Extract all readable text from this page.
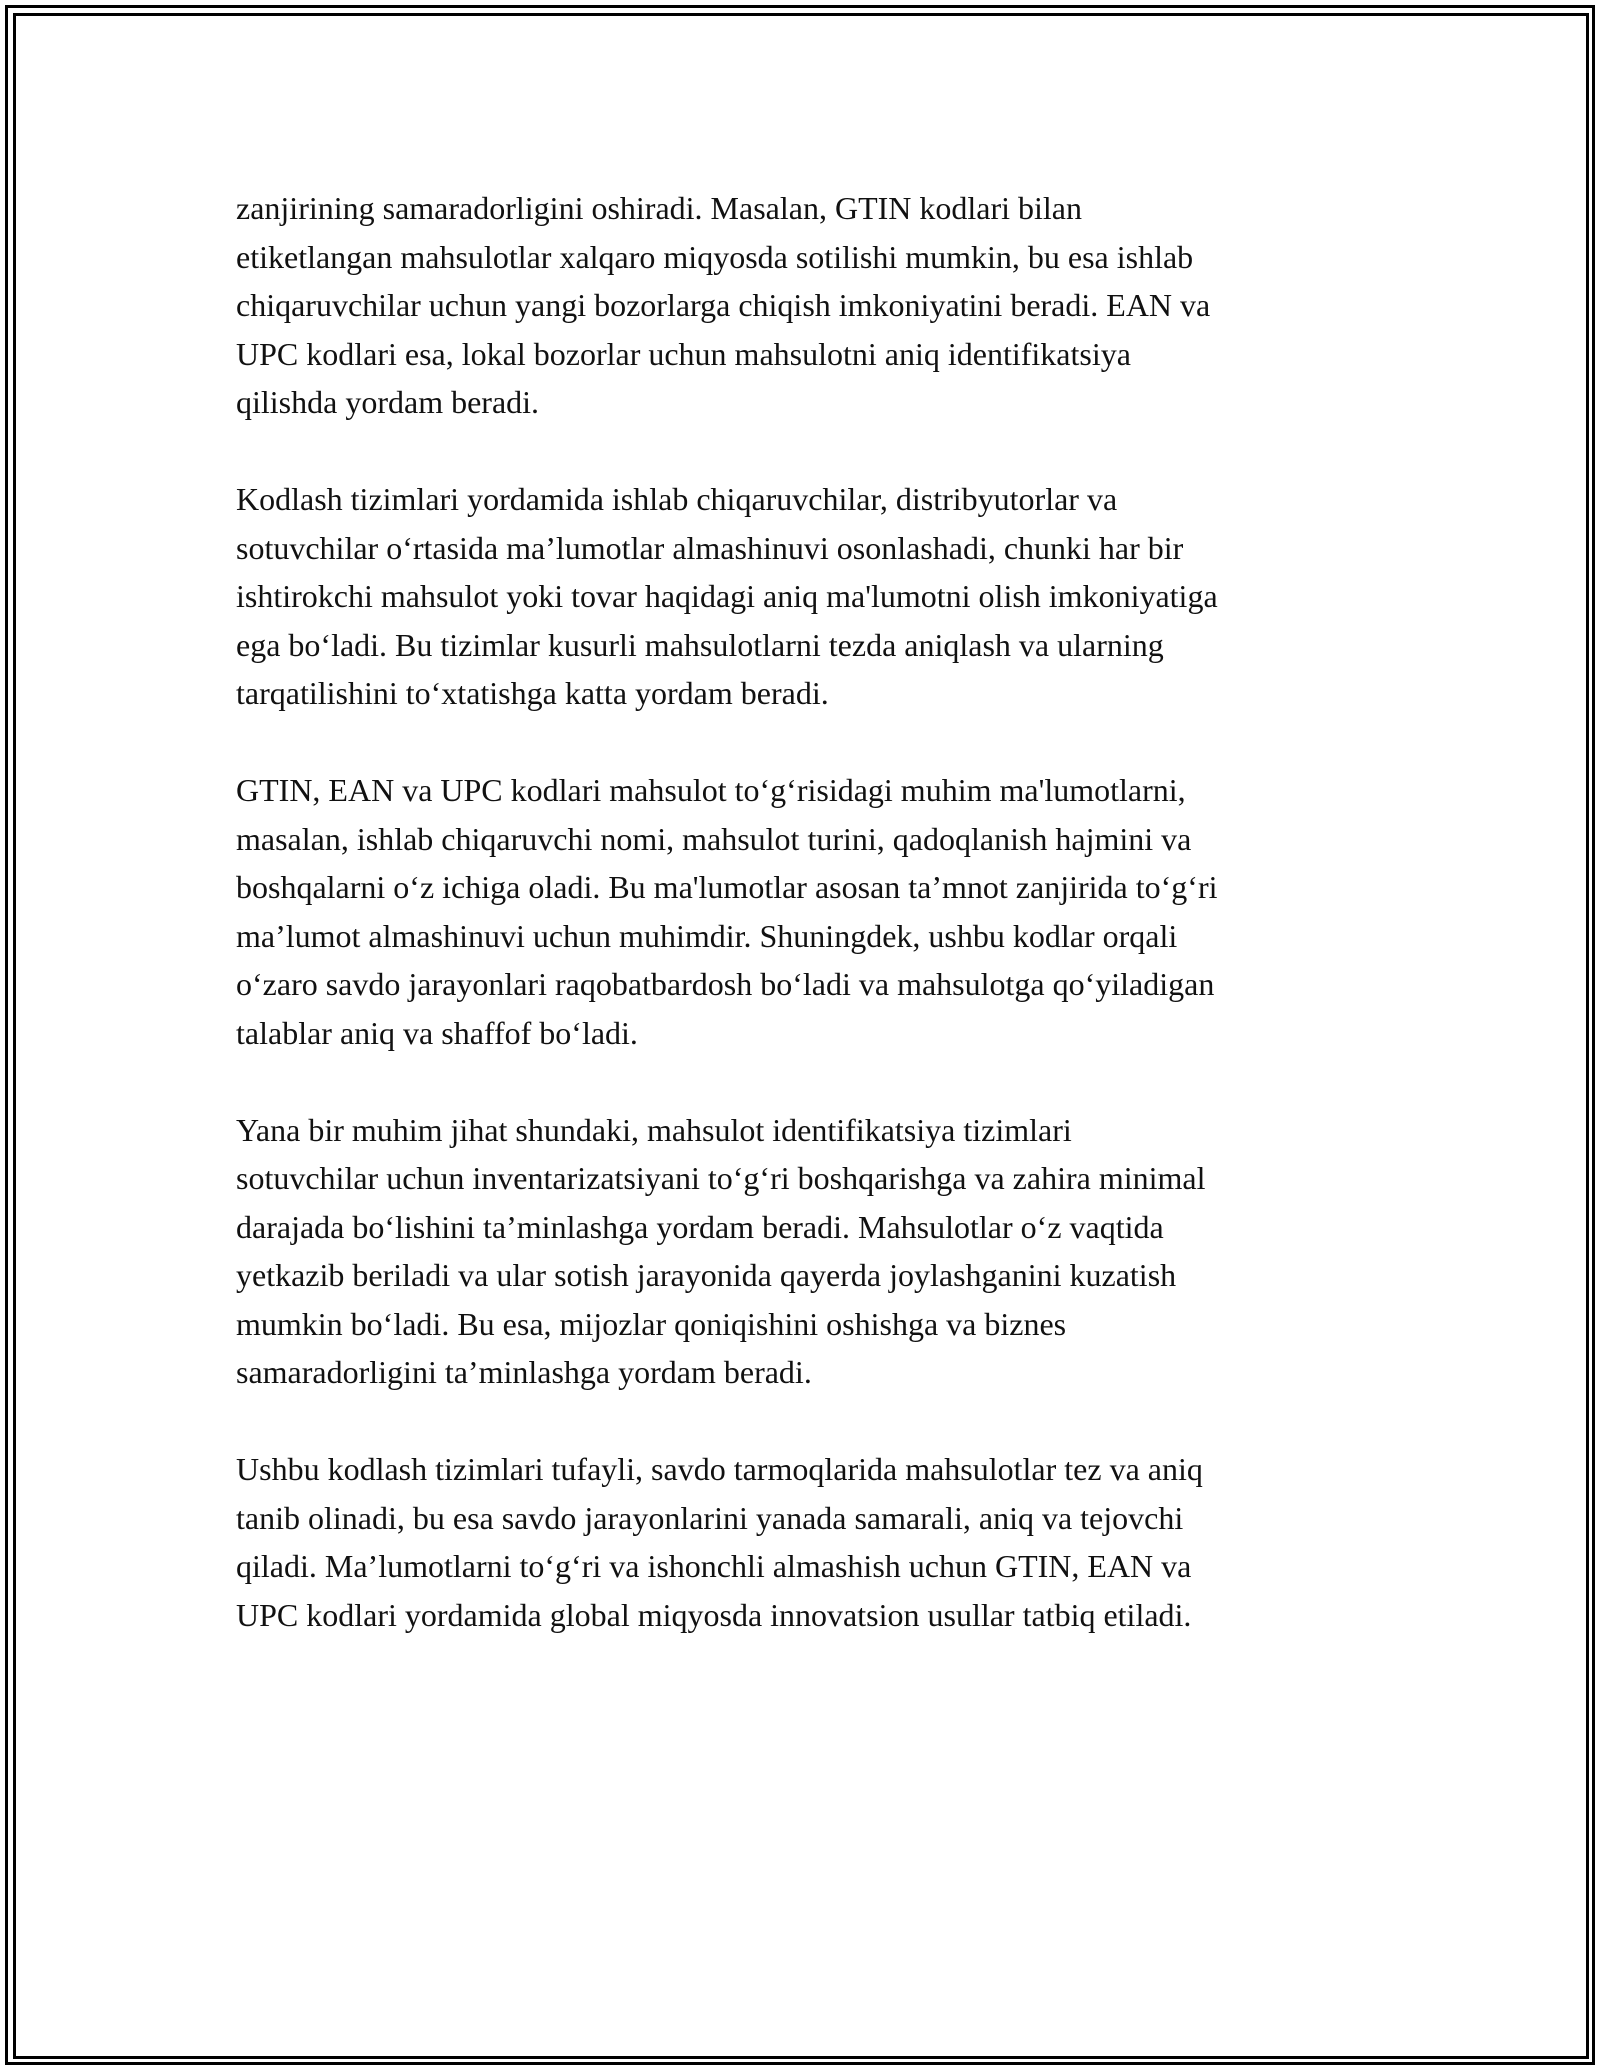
zanjirining samaradorligini oshiradi. Masalan, GTIN kodlari bilan
etiketlangan mahsulotlar xalqaro miqyosda sotilishi mumkin, bu esa ishlab
chiqaruvchilar uchun yangi bozorlarga chiqish imkoniyatini beradi. EAN va
UPC kodlari esa, lokal bozorlar uchun mahsulotni aniq identifikatsiya
qilishda yordam beradi.

Kodlash tizimlari yordamida ishlab chiqaruvchilar, distribyutorlar va
sotuvchilar o‘rtasida ma’lumotlar almashinuvi osonlashadi, chunki har bir
ishtirokchi mahsulot yoki tovar haqidagi aniq ma'lumotni olish imkoniyatiga
ega bo‘ladi. Bu tizimlar kusurli mahsulotlarni tezda aniqlash va ularning
tarqatilishini to‘xtatishga katta yordam beradi.

GTIN, EAN va UPC kodlari mahsulot to‘g‘risidagi muhim ma'lumotlarni,
masalan, ishlab chiqaruvchi nomi, mahsulot turini, qadoqlanish hajmini va
boshqalarni o‘z ichiga oladi. Bu ma'lumotlar asosan ta’mnot zanjirida to‘g‘ri
ma’lumot almashinuvi uchun muhimdir. Shuningdek, ushbu kodlar orqali
o‘zaro savdo jarayonlari raqobatbardosh bo‘ladi va mahsulotga qo‘yiladigan
talablar aniq va shaffof bo‘ladi.

Yana bir muhim jihat shundaki, mahsulot identifikatsiya tizimlari
sotuvchilar uchun inventarizatsiyani to‘g‘ri boshqarishga va zahira minimal
darajada bo‘lishini ta’minlashga yordam beradi. Mahsulotlar o‘z vaqtida
yetkazib beriladi va ular sotish jarayonida qayerda joylashganini kuzatish
mumkin bo‘ladi. Bu esa, mijozlar qoniqishini oshishga va biznes
samaradorligini ta’minlashga yordam beradi.

Ushbu kodlash tizimlari tufayli, savdo tarmoqlarida mahsulotlar tez va aniq
tanib olinadi, bu esa savdo jarayonlarini yanada samarali, aniq va tejovchi
qiladi. Ma’lumotlarni to‘g‘ri va ishonchli almashish uchun GTIN, EAN va
UPC kodlari yordamida global miqyosda innovatsion usullar tatbiq etiladi.
